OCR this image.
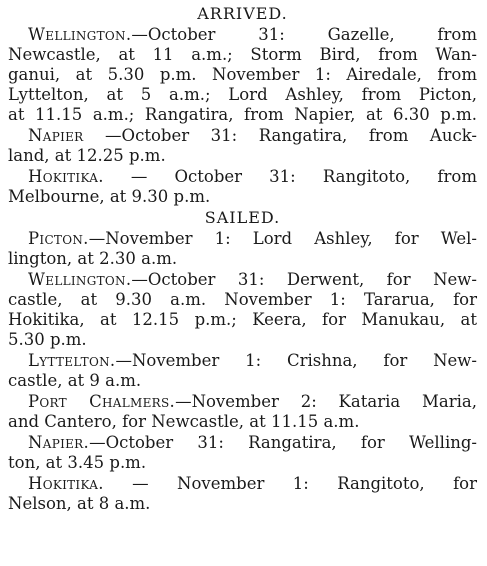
ARRIVED.
Wellington.—October 31: Gazelle, from
Newcastle, at 11 a.m.; Storm Bird, from Wan-
ganui, at 5.30 p.m. November 1: Airedale, from
Lyttelton, at 5 a.m.; Lord Ashley, from Picton,
at 11.15 a.m.; Rangatira, from Napier, at 6.30 p.m.
Napier —October 31: Rangatira, from Auck-
land, at 12.25 p.m.
Hokitika. — October 31: Rangitoto, from
Melbourne, at 9.30 p.m.
SAILED.
Picton.—November 1: Lord Ashley, for Wel-
lington, at 2.30 a.m.
Wellington.—October 31: Derwent, for New-
castle, at 9.30 a.m. November 1: Tararua, for
Hokitika, at 12.15 p.m.; Keera, for Manukau, at
5.30 p.m.
Lyttelton.—November 1: Crishna, for New-
castle, at 9 a.m.
Port Chalmers.—November 2: Kataria Maria,
and Cantero, for Newcastle, at 11.15 a.m.
Napier.—October 31: Rangatira, for Welling-
ton, at 3.45 p.m.
Hokitika. — November 1: Rangitoto, for
Nelson, at 8 a.m.
